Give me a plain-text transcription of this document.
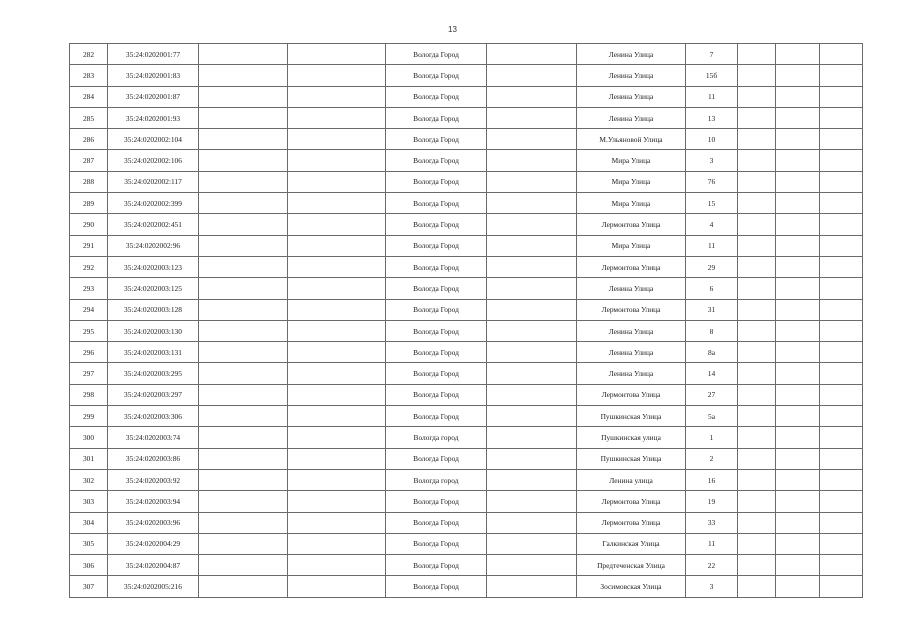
13
282	35:24:0202001:77			Вологда Город		Ленина Улица	7			
283	35:24:0202001:83			Вологда Город		Ленина Улица	15б			
284	35:24:0202001:87			Вологда Город		Ленина Улица	11			
285	35:24:0202001:93			Вологда Город		Ленина Улица	13			
286	35:24:0202002:104			Вологда Город		М.Ульяновой Улица	10			
287	35:24:0202002:106			Вологда Город		Мира Улица	3			
288	35:24:0202002:117			Вологда Город		Мира Улица	76			
289	35:24:0202002:399			Вологда Город		Мира Улица	15			
290	35:24:0202002:451			Вологда Город		Лермонтова Улица	4			
291	35:24:0202002:96			Вологда Город		Мира Улица	11			
292	35:24:0202003:123			Вологда Город		Лермонтова Улица	29			
293	35:24:0202003:125			Вологда Город		Ленина Улица	6			
294	35:24:0202003:128			Вологда Город		Лермонтова Улица	31			
295	35:24:0202003:130			Вологда Город		Ленина Улица	8			
296	35:24:0202003:131			Вологда Город		Ленина Улица	8а			
297	35:24:0202003:295			Вологда Город		Ленина Улица	14			
298	35:24:0202003:297			Вологда Город		Лермонтова Улица	27			
299	35:24:0202003:306			Вологда Город		Пушкинская Улица	5а			
300	35:24:0202003:74			Вологда город		Пушкинская улица	1			
301	35:24:0202003:86			Вологда Город		Пушкинская Улица	2			
302	35:24:0202003:92			Вологда город		Ленина улица	16			
303	35:24:0202003:94			Вологда Город		Лермонтова Улица	19			
304	35:24:0202003:96			Вологда Город		Лермонтова Улица	33			
305	35:24:0202004:29			Вологда Город		Галкинская Улица	11			
306	35:24:0202004:87			Вологда Город		Предтеченская Улица	22			
307	35:24:0202005:216			Вологда Город		Зосимовская Улица	3			
